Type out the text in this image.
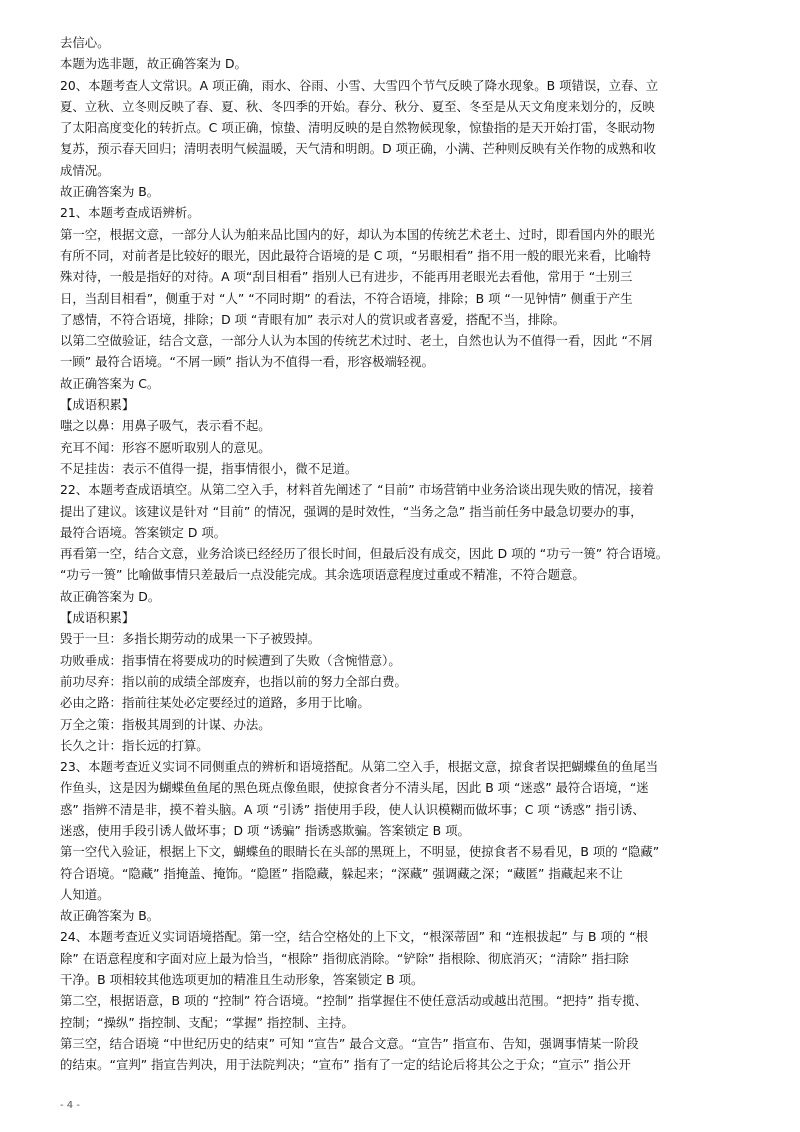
去信心。
本题为选非题，故正确答案为 D。
20、本题考查人文常识。A 项正确，雨水、谷雨、小雪、大雪四个节气反映了降水现象。B 项错误，立春、立
夏、立秋、立冬则反映了春、夏、秋、冬四季的开始。春分、秋分、夏至、冬至是从天文角度来划分的，反映
了太阳高度变化的转折点。C 项正确，惊蛰、清明反映的是自然物候现象，惊蛰指的是天开始打雷，冬眠动物
复苏，预示春天回归；清明表明气候温暖，天气清和明朗。D 项正确，小满、芒种则反映有关作物的成熟和收
成情况。
故正确答案为 B。
21、本题考查成语辨析。
第一空，根据文意，一部分人认为舶来品比国内的好，却认为本国的传统艺术老土、过时，即看国内外的眼光
有所不同，对前者是比较好的眼光，因此最符合语境的是 C 项，“另眼相看” 指不用一般的眼光来看，比喻特
殊对待，一般是指好的对待。A 项“刮目相看” 指别人已有进步，不能再用老眼光去看他，常用于 “士别三
日，当刮目相看”，侧重于对 “人” “不同时期” 的看法，不符合语境，排除；B 项 “一见钟情” 侧重于产生
了感情，不符合语境，排除；D 项 “青眼有加” 表示对人的赏识或者喜爱，搭配不当，排除。
以第二空做验证，结合文意，一部分人认为本国的传统艺术过时、老土，自然也认为不值得一看，因此 “不屑
一顾” 最符合语境。“不屑一顾” 指认为不值得一看，形容极端轻视。
故正确答案为 C。
【成语积累】
嗤之以鼻：用鼻子吸气，表示看不起。
充耳不闻：形容不愿听取别人的意见。
不足挂齿：表示不值得一提，指事情很小，微不足道。
22、本题考查成语填空。从第二空入手，材料首先阐述了 “目前” 市场营销中业务洽谈出现失败的情况，接着
提出了建议。该建议是针对 “目前” 的情况，强调的是时效性，“当务之急” 指当前任务中最急切要办的事，
最符合语境。答案锁定 D 项。
再看第一空，结合文意，业务洽谈已经经历了很长时间，但最后没有成交，因此 D 项的 “功亏一篑” 符合语境。
“功亏一篑” 比喻做事情只差最后一点没能完成。其余选项语意程度过重或不精准，不符合题意。
故正确答案为 D。
【成语积累】
毁于一旦：多指长期劳动的成果一下子被毁掉。
功败垂成：指事情在将要成功的时候遭到了失败（含惋惜意）。
前功尽弃：指以前的成绩全部废弃，也指以前的努力全部白费。
必由之路：指前往某处必定要经过的道路，多用于比喻。
万全之策：指极其周到的计谋、办法。
长久之计：指长远的打算。
23、本题考查近义实词不同侧重点的辨析和语境搭配。从第二空入手，根据文意，掠食者误把蝴蝶鱼的鱼尾当
作鱼头，这是因为蝴蝶鱼鱼尾的黑色斑点像鱼眼，使掠食者分不清头尾，因此 B 项 “迷惑” 最符合语境，“迷
惑” 指辨不清是非，摸不着头脑。A 项 “引诱” 指使用手段，使人认识模糊而做坏事；C 项 “诱惑” 指引诱、
迷惑，使用手段引诱人做坏事；D 项 “诱骗” 指诱惑欺骗。答案锁定 B 项。
第一空代入验证，根据上下文，蝴蝶鱼的眼睛长在头部的黑斑上，不明显，使掠食者不易看见，B 项的 “隐藏”
符合语境。“隐藏” 指掩盖、掩饰。“隐匿” 指隐藏，躲起来；“深藏” 强调藏之深；“藏匿” 指藏起来不让
人知道。
故正确答案为 B。
24、本题考查近义实词语境搭配。第一空，结合空格处的上下文，“根深蒂固” 和 “连根拔起” 与 B 项的 “根
除” 在语意程度和字面对应上最为恰当，“根除” 指彻底消除。“铲除” 指根除、彻底消灭；“清除” 指扫除
干净。B 项相较其他选项更加的精准且生动形象，答案锁定 B 项。
第二空，根据语意，B 项的 “控制” 符合语境。“控制” 指掌握住不使任意活动或越出范围。“把持” 指专揽、
控制；“操纵” 指控制、支配；“掌握” 指控制、主持。
第三空，结合语境 “中世纪历史的结束” 可知 “宣告” 最合文意。“宣告” 指宣布、告知，强调事情某一阶段
的结束。“宣判” 指宣告判决，用于法院判决；“宣布” 指有了一定的结论后将其公之于众；“宣示” 指公开
- 4 -
